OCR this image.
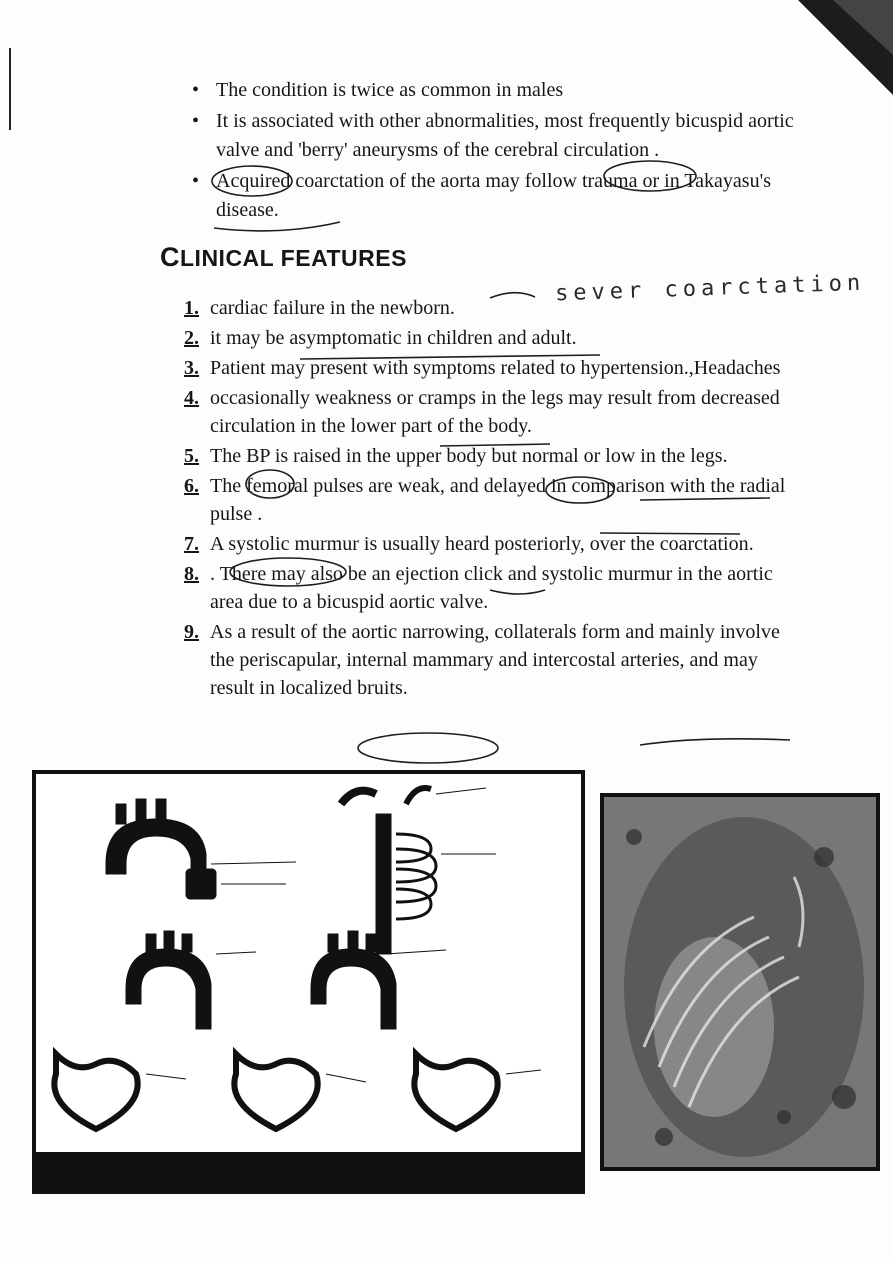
• The condition is twice as common in males
• It is associated with other abnormalities, most frequently bicuspid aortic valve and 'berry' aneurysms of the cerebral circulation .
• Acquired coarctation of the aorta may follow trauma or in Takayasu's disease.
CLINICAL FEATURES
sever coarctation
1. cardiac failure in the newborn.
2. it may be asymptomatic in children and adult.
3. Patient may present with symptoms related to hypertension.,Headaches
4. occasionally weakness or cramps in the legs may result from decreased circulation in the lower part of the body.
5. The BP is raised in the upper body but normal or low in the legs.
6. The femoral pulses are weak, and delayed in comparison with the radial pulse .
7. A systolic murmur is usually heard posteriorly, over the coarctation.
8. . There may also be an ejection click and systolic murmur in the aortic area due to a bicuspid aortic valve.
9. As a result of the aortic narrowing, collaterals form and mainly involve the periscapular, internal mammary and intercostal arteries, and may result in localized bruits.
